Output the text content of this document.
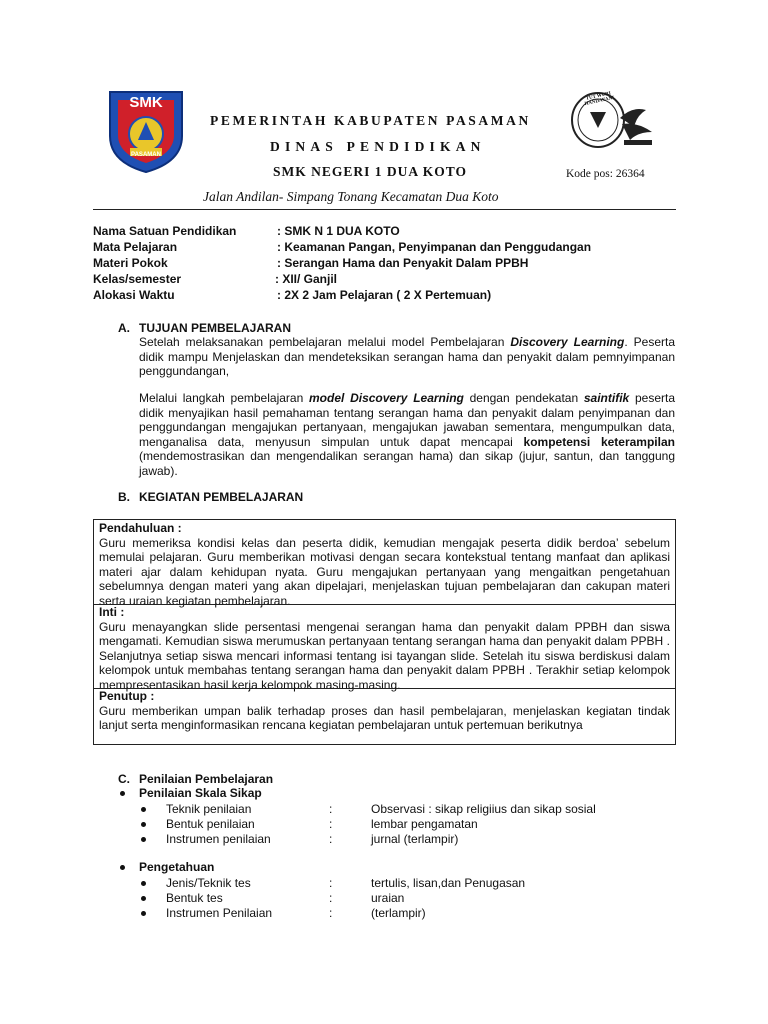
SMK
PASAMAN
PEMERINTAH KABUPATEN PASAMAN
DINAS PENDIDIKAN
SMK NEGERI 1 DUA KOTO
TUT WURI HANDAYANI
Kode pos: 26364
Jalan Andilan- Simpang Tonang Kecamatan Dua Koto
Nama Satuan Pendidikan	: SMK N 1 DUA KOTO
Mata Pelajaran	: Keamanan Pangan, Penyimpanan dan Penggudangan
Materi Pokok	: Serangan Hama dan Penyakit Dalam PPBH
Kelas/semester	: XII/ Ganjil
Alokasi Waktu	: 2X 2 Jam Pelajaran ( 2 X Pertemuan)
A. TUJUAN PEMBELAJARAN
Setelah melaksanakan pembelajaran melalui model Pembelajaran Discovery Learning. Peserta didik mampu Menjelaskan dan mendeteksikan serangan hama dan penyakit dalam pemnyimpanan penggundangan,
Melalui langkah pembelajaran model Discovery Learning dengan pendekatan saintifik peserta didik menyajikan hasil pemahaman tentang serangan hama dan penyakit dalam penyimpanan dan penggundangan mengajukan pertanyaan, mengajukan jawaban sementara, mengumpulkan data, menganalisa data, menyusun simpulan untuk dapat mencapai kompetensi keterampilan (mendemostrasikan dan mengendalikan serangan hama) dan sikap (jujur, santun, dan tanggung jawab).
B. KEGIATAN PEMBELAJARAN
Pendahuluan :
Guru memeriksa kondisi kelas dan peserta didik, kemudian mengajak peserta didik berdoa’ sebelum memulai pelajaran. Guru memberikan motivasi dengan secara kontekstual tentang manfaat dan aplikasi materi ajar dalam kehidupan nyata. Guru mengajukan pertanyaan yang mengaitkan pengetahuan sebelumnya dengan materi yang akan dipelajari, menjelaskan tujuan pembelajaran dan cakupan materi serta uraian kegiatan pembelajaran.
Inti :
Guru menayangkan slide persentasi mengenai serangan hama dan penyakit dalam PPBH dan siswa mengamati. Kemudian siswa merumuskan pertanyaan tentang serangan hama dan penyakit dalam PPBH . Selanjutnya setiap siswa mencari informasi tentang isi tayangan slide. Setelah itu siswa berdiskusi dalam kelompok untuk membahas tentang serangan hama dan penyakit dalam PPBH . Terakhir setiap kelompok mempresentasikan hasil kerja kelompok masing-masing.
Penutup :
Guru memberikan umpan balik terhadap proses dan hasil pembelajaran, menjelaskan kegiatan tindak lanjut serta menginformasikan rencana kegiatan pembelajaran untuk pertemuan berikutnya
C. Penilaian Pembelajaran
Penilaian Skala Sikap
Teknik penilaian	:	Observasi : sikap religiius dan sikap sosial
Bentuk penilaian	:	lembar pengamatan
Instrumen penilaian	:	jurnal (terlampir)
Pengetahuan
Jenis/Teknik tes	:	tertulis, lisan,dan Penugasan
Bentuk tes	:	uraian
Instrumen Penilaian	:	(terlampir)
